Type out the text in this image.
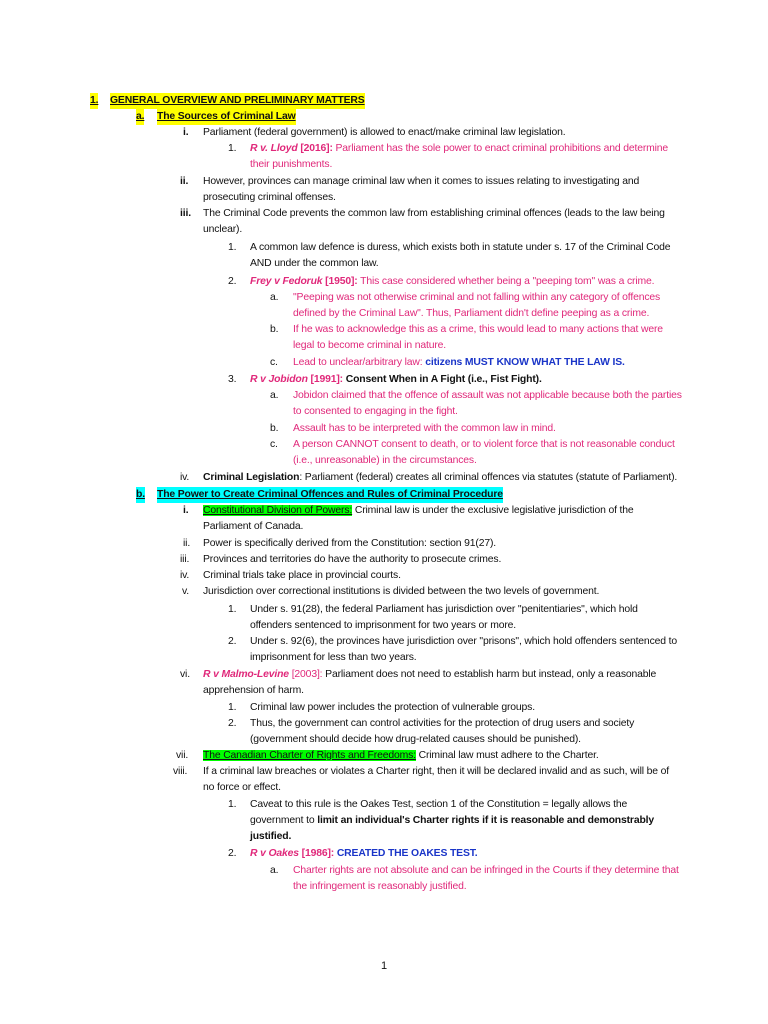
1. GENERAL OVERVIEW AND PRELIMINARY MATTERS
a. The Sources of Criminal Law
i. Parliament (federal government) is allowed to enact/make criminal law legislation.
1. R v. Lloyd [2016]: Parliament has the sole power to enact criminal prohibitions and determine
their punishments.
ii. However, provinces can manage criminal law when it comes to issues relating to investigating and
prosecuting criminal offenses.
iii. The Criminal Code prevents the common law from establishing criminal offences (leads to the law being
unclear).
1. A common law defence is duress, which exists both in statute under s. 17 of the Criminal Code
AND under the common law.
2. Frey v Fedoruk [1950]: This case considered whether being a "peeping tom" was a crime.
a. "Peeping was not otherwise criminal and not falling within any category of offences
defined by the Criminal Law". Thus, Parliament didn't define peeping as a crime.
b. If he was to acknowledge this as a crime, this would lead to many actions that were
legal to become criminal in nature.
c. Lead to unclear/arbitrary law: citizens MUST KNOW WHAT THE LAW IS.
3. R v Jobidon [1991]: Consent When in A Fight (i.e., Fist Fight).
a. Jobidon claimed that the offence of assault was not applicable because both the parties
to consented to engaging in the fight.
b. Assault has to be interpreted with the common law in mind.
c. A person CANNOT consent to death, or to violent force that is not reasonable conduct
(i.e., unreasonable) in the circumstances.
iv. Criminal Legislation: Parliament (federal) creates all criminal offences via statutes (statute of Parliament).
b. The Power to Create Criminal Offences and Rules of Criminal Procedure
i. Constitutional Division of Powers: Criminal law is under the exclusive legislative jurisdiction of the
Parliament of Canada.
ii. Power is specifically derived from the Constitution: section 91(27).
iii. Provinces and territories do have the authority to prosecute crimes.
iv. Criminal trials take place in provincial courts.
v. Jurisdiction over correctional institutions is divided between the two levels of government.
1. Under s. 91(28), the federal Parliament has jurisdiction over "penitentiaries", which hold
offenders sentenced to imprisonment for two years or more.
2. Under s. 92(6), the provinces have jurisdiction over "prisons", which hold offenders sentenced to
imprisonment for less than two years.
vi. R v Malmo-Levine [2003]: Parliament does not need to establish harm but instead, only a reasonable
apprehension of harm.
1. Criminal law power includes the protection of vulnerable groups.
2. Thus, the government can control activities for the protection of drug users and society
(government should decide how drug-related causes should be punished).
vii. The Canadian Charter of Rights and Freedoms: Criminal law must adhere to the Charter.
viii. If a criminal law breaches or violates a Charter right, then it will be declared invalid and as such, will be of
no force or effect.
1. Caveat to this rule is the Oakes Test, section 1 of the Constitution = legally allows the
government to limit an individual's Charter rights if it is reasonable and demonstrably
justified.
2. R v Oakes [1986]: CREATED THE OAKES TEST.
a. Charter rights are not absolute and can be infringed in the Courts if they determine that
the infringement is reasonably justified.
1
